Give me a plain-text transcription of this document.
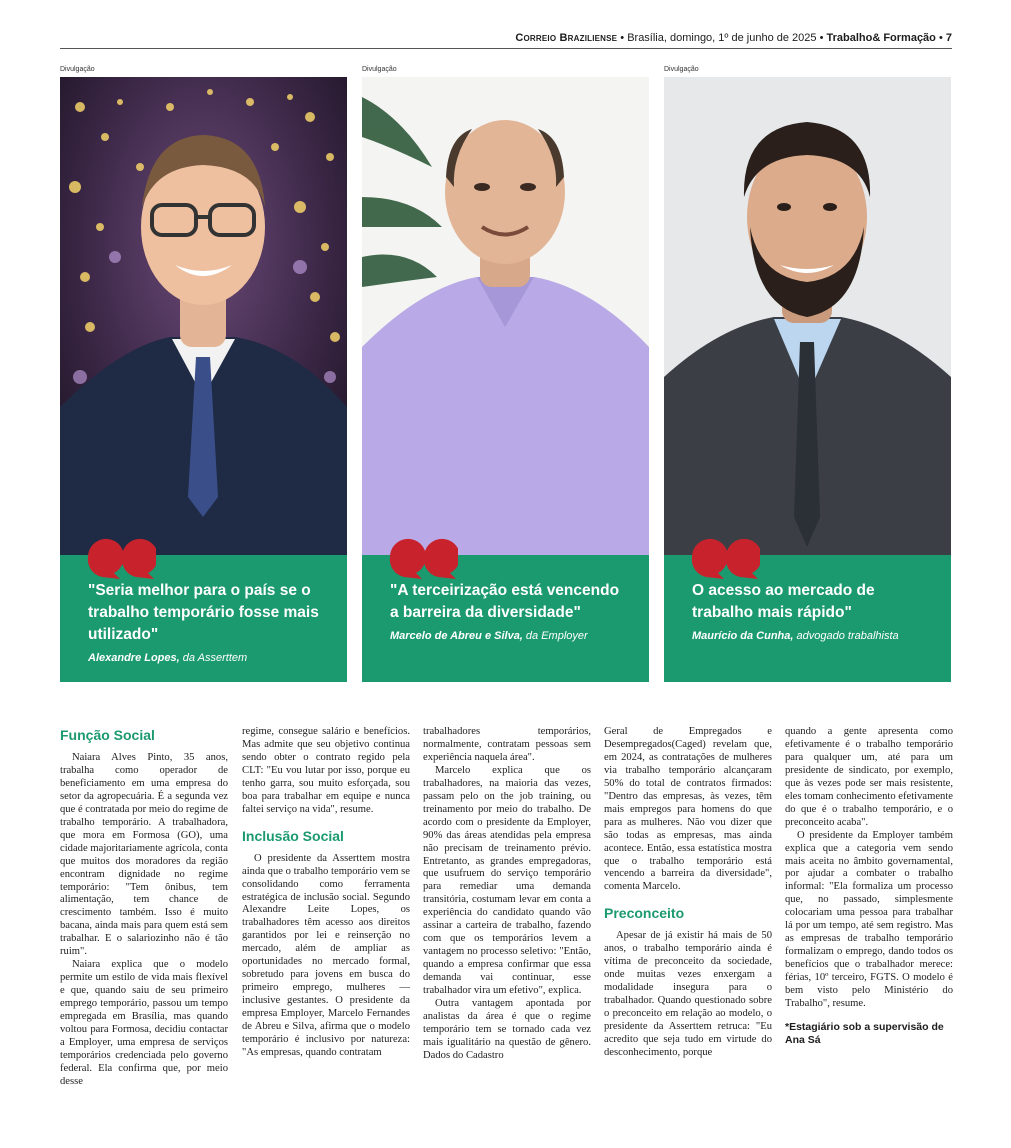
Correio Braziliense • Brasília, domingo, 1º de junho de 2025 • Trabalho& Formação • 7
Divulgação	Divulgação	Divulgação
"Seria melhor para o país se o trabalho temporário fosse mais utilizado"
Alexandre Lopes, da Asserttem
"A terceirização está vencendo a barreira da diversidade"
Marcelo de Abreu e Silva, da Employer
O acesso ao mercado de trabalho mais rápido"
Maurício da Cunha, advogado trabalhista
Função Social

Naiara Alves Pinto, 35 anos, trabalha como operador de beneficiamento em uma empresa do setor da agropecuária. É a segunda vez que é contratada por meio do regime de trabalho temporário. A trabalhadora, que mora em Formosa (GO), uma cidade majoritariamente agrícola, conta que muitos dos moradores da região encontram dignidade no regime temporário: "Tem ônibus, tem alimentação, tem chance de crescimento também. Isso é muito bacana, ainda mais para quem está sem trabalhar. E o salariozinho não é tão ruim".

Naiara explica que o modelo permite um estilo de vida mais flexível e que, quando saiu de seu primeiro emprego temporário, passou um tempo empregada em Brasília, mas quando voltou para Formosa, decidiu contactar a Employer, uma empresa de serviços temporários credenciada pelo governo federal. Ela confirma que, por meio desse

regime, consegue salário e benefícios. Mas admite que seu objetivo continua sendo obter o contrato regido pela CLT: "Eu vou lutar por isso, porque eu tenho garra, sou muito esforçada, sou boa para trabalhar em equipe e nunca faltei serviço na vida", resume.

Inclusão Social

O presidente da Asserttem mostra ainda que o trabalho temporário vem se consolidando como ferramenta estratégica de inclusão social. Segundo Alexandre Leite Lopes, os trabalhadores têm acesso aos direitos garantidos por lei e reinserção no mercado, além de ampliar as oportunidades no mercado formal, sobretudo para jovens em busca do primeiro emprego, mulheres — inclusive gestantes. O presidente da empresa Employer, Marcelo Fernandes de Abreu e Silva, afirma que o modelo temporário é inclusivo por natureza: "As empresas, quando contratam

trabalhadores temporários, normalmente, contratam pessoas sem experiência naquela área".

Marcelo explica que os trabalhadores, na maioria das vezes, passam pelo on the job training, ou treinamento por meio do trabalho. De acordo com o presidente da Employer, 90% das áreas atendidas pela empresa não precisam de treinamento prévio. Entretanto, as grandes empregadoras, que usufruem do serviço temporário para remediar uma demanda transitória, costumam levar em conta a experiência do candidato quando vão assinar a carteira de trabalho, fazendo com que os temporários levem a vantagem no processo seletivo: "Então, quando a empresa confirmar que essa demanda vai continuar, esse trabalhador vira um efetivo", explica.

Outra vantagem apontada por analistas da área é que o regime temporário tem se tornado cada vez mais igualitário na questão de gênero. Dados do Cadastro

Geral de Empregados e Desempregados(Caged) revelam que, em 2024, as contratações de mulheres via trabalho temporário alcançaram 50% do total de contratos firmados: "Dentro das empresas, às vezes, têm mais empregos para homens do que para as mulheres. Não vou dizer que são todas as empresas, mas ainda acontece. Então, essa estatística mostra que o trabalho temporário está vencendo a barreira da diversidade", comenta Marcelo.

Preconceito

Apesar de já existir há mais de 50 anos, o trabalho temporário ainda é vítima de preconceito da sociedade, onde muitas vezes enxergam a modalidade insegura para o trabalhador. Quando questionado sobre o preconceito em relação ao modelo, o presidente da Asserttem retruca: "Eu acredito que seja tudo em virtude do desconhecimento, porque

quando a gente apresenta como efetivamente é o trabalho temporário para qualquer um, até para um presidente de sindicato, por exemplo, que às vezes pode ser mais resistente, eles tomam conhecimento efetivamente do que é o trabalho temporário, e o preconceito acaba".

O presidente da Employer também explica que a categoria vem sendo mais aceita no âmbito governamental, por ajudar a combater o trabalho informal: "Ela formaliza um processo que, no passado, simplesmente colocariam uma pessoa para trabalhar lá por um tempo, até sem registro. Mas as empresas de trabalho temporário formalizam o emprego, dando todos os benefícios que o trabalhador merece: férias, 10º terceiro, FGTS. O modelo é bem visto pelo Ministério do Trabalho", resume.

*Estagiário sob a supervisão de Ana Sá
